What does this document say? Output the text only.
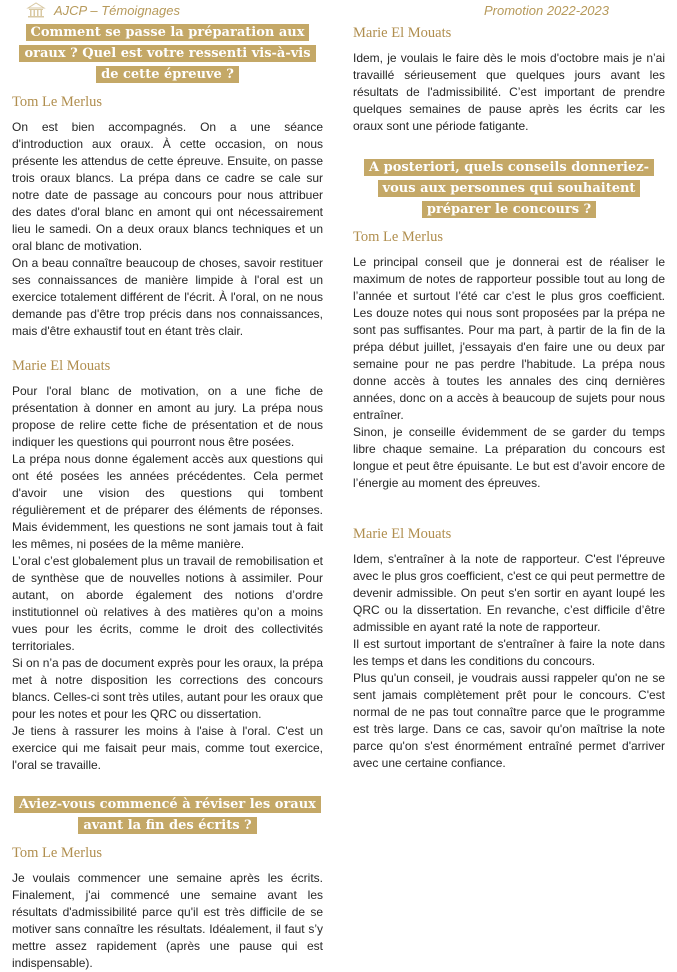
AJCP – Témoignages	Promotion 2022-2023
Comment se passe la préparation aux oraux ? Quel est votre ressenti vis-à-vis de cette épreuve ?
Tom Le Merlus

On est bien accompagnés. On a une séance d'introduction aux oraux. À cette occasion, on nous présente les attendus de cette épreuve. Ensuite, on passe trois oraux blancs. La prépa dans ce cadre se cale sur notre date de passage au concours pour nous attribuer des dates d'oral blanc en amont qui ont nécessairement lieu le samedi. On a deux oraux blancs techniques et un oral blanc de motivation.

On a beau connaître beaucoup de choses, savoir restituer ses connaissances de manière limpide à l'oral est un exercice totalement différent de l'écrit. À l'oral, on ne nous demande pas d'être trop précis dans nos connaissances, mais d'être exhaustif tout en étant très clair.

Marie El Mouats

Pour l'oral blanc de motivation, on a une fiche de présentation à donner en amont au jury. La prépa nous propose de relire cette fiche de présentation et de nous indiquer les questions qui pourront nous être posées.

La prépa nous donne également accès aux questions qui ont été posées les années précédentes. Cela permet d'avoir une vision des questions qui tombent régulièrement et de préparer des éléments de réponses. Mais évidemment, les questions ne sont jamais tout à fait les mêmes, ni posées de la même manière.

L’oral c’est globalement plus un travail de remobilisation et de synthèse que de nouvelles notions à assimiler. Pour autant, on aborde également des notions d’ordre institutionnel où relatives à des matières qu’on a moins vues pour les écrits, comme le droit des collectivités territoriales.

Si on n’a pas de document exprès pour les oraux, la prépa met à notre disposition les corrections des concours blancs. Celles-ci sont très utiles, autant pour les oraux que pour les notes et pour les QRC ou dissertation.

Je tiens à rassurer les moins à l'aise à l'oral. C'est un exercice qui me faisait peur mais, comme tout exercice, l'oral se travaille.

Aviez-vous commencé à réviser les oraux avant la fin des écrits ?
Tom Le Merlus

Je voulais commencer une semaine après les écrits. Finalement, j'ai commencé une semaine avant les résultats d'admissibilité parce qu'il est très difficile de se motiver sans connaître les résultats. Idéalement, il faut s’y mettre assez rapidement (après une pause qui est indispensable).

Marie El Mouats

Idem, je voulais le faire dès le mois d'octobre mais je n’ai travaillé sérieusement que quelques jours avant les résultats de l'admissibilité. C’est important de prendre quelques semaines de pause après les écrits car les oraux sont une période fatigante.

A posteriori, quels conseils donneriez-vous aux personnes qui souhaitent préparer le concours ?
Tom Le Merlus

Le principal conseil que je donnerai est de réaliser le maximum de notes de rapporteur possible tout au long de l’année et surtout l’été car c’est le plus gros coefficient. Les douze notes qui nous sont proposées par la prépa ne sont pas suffisantes. Pour ma part, à partir de la fin de la prépa début juillet, j'essayais d'en faire une ou deux par semaine pour ne pas perdre l'habitude. La prépa nous donne accès à toutes les annales des cinq dernières années, donc on a accès à beaucoup de sujets pour nous entraîner.

Sinon, je conseille évidemment de se garder du temps libre chaque semaine. La préparation du concours est longue et peut être épuisante. Le but est d’avoir encore de l’énergie au moment des épreuves.

Marie El Mouats

Idem, s'entraîner à la note de rapporteur. C'est l'épreuve avec le plus gros coefficient, c'est ce qui peut permettre de devenir admissible. On peut s'en sortir en ayant loupé les QRC ou la dissertation. En revanche, c’est difficile d’être admissible en ayant raté la note de rapporteur.

Il est surtout important de s'entraîner à faire la note dans les temps et dans les conditions du concours.

Plus qu'un conseil, je voudrais aussi rappeler qu'on ne se sent jamais complètement prêt pour le concours. C'est normal de ne pas tout connaître parce que le programme est très large. Dans ce cas, savoir qu'on maîtrise la note parce qu'on s'est énormément entraîné permet d'arriver avec une certaine confiance.
